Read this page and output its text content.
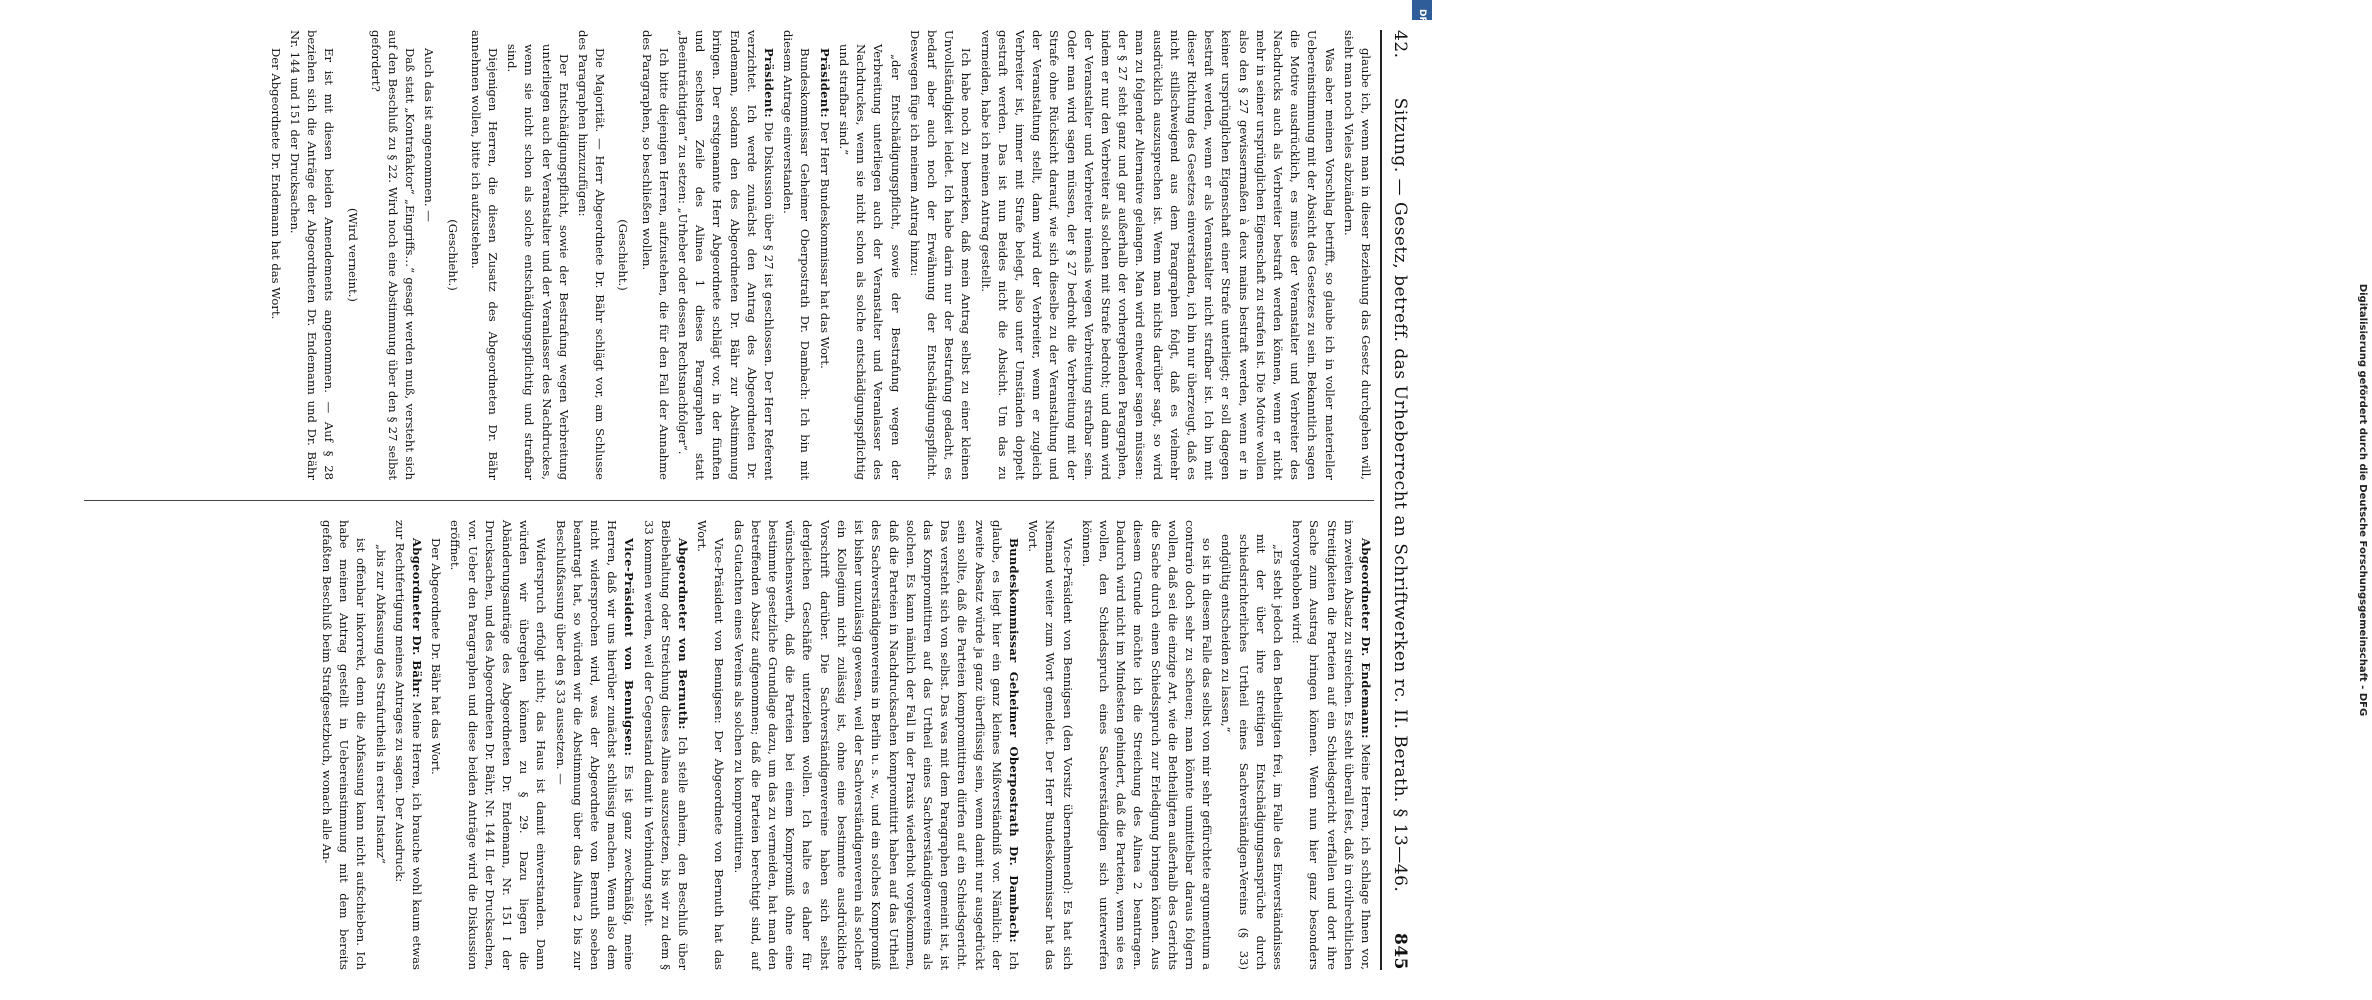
42.
Sitzung. — Gesetz, betreff. das Urheberrecht an Schriftwerken rc. II. Berath. § 13—46.
845

glaube ich, wenn man in dieser Beziehung das Gesetz durchgehen will, sieht man noch Vieles abzuändern.

Was aber meinen Vorschlag betrifft, so glaube ich in voller materieller Uebereinstimmung mit der Absicht des Gesetzes zu sein. Bekanntlich sagen die Motive ausdrücklich, es müsse der Veranstalter und Verbreiter des Nachdrucks auch als Verbreiter bestraft werden können, wenn er nicht mehr in seiner ursprünglichen Eigenschaft zu strafen ist. Die Motive wollen also den § 27 gewissermaßen à deux mains bestraft werden, wenn er in keiner ursprünglichen Eigenschaft einer Strafe unterliegt; er soll dagegen bestraft werden, wenn er als Veranstalter nicht strafbar ist. Ich bin mit dieser Richtung des Gesetzes einverstanden, ich bin nur überzeugt, daß es nicht stillschweigend aus dem Paragraphen folgt, daß es vielmehr ausdrücklich auszusprechen ist. Wenn man nichts darüber sagt, so wird man zu folgender Alternative gelangen. Man wird entweder sagen müssen: der § 27 steht ganz und gar außerhalb der vorhergehenden Paragraphen, indem er nur den Verbreiter als solchen mit Strafe bedroht; und dann wird der Veranstalter und Verbreiter niemals wegen Verbreitung strafbar sein. Oder man wird sagen müssen, der § 27 bedroht die Verbreitung mit der Strafe ohne Rücksicht darauf, wie sich dieselbe zu der Veranstaltung und der Veranstaltung stellt, dann wird der Verbreiter, wenn er zugleich Verbreiter ist, immer mit Strafe belegt, also unter Umständen doppelt gestraft werden. Das ist nun Beides nicht die Absicht. Um das zu vermeiden, habe ich meinen Antrag gestellt.

Ich habe noch zu bemerken, daß mein Antrag selbst zu einer kleinen Unvollständigkeit leidet. Ich habe darin nur der Bestrafung gedacht, es bedarf aber auch noch der Erwähnung der Entschädigungspflicht. Deswegen füge ich meinem Antrag hinzu:

„der Entschädigungspflicht, sowie der Bestrafung wegen der Verbreitung unterliegen auch der Veranstalter und Veranlasser des Nachdruckes, wenn sie nicht schon als solche entschädigungspflichtig und strafbar sind.“

Präsident: Der Herr Bundeskommissar hat das Wort.

Bundeskommissar Geheimer Oberpostrath Dr. Dambach: Ich bin mit diesem Antrage einverstanden.

Präsident: Die Diskussion über § 27 ist geschlossen. Der Herr Referent verzichtet. Ich werde zunächst den Antrag des Abgeordneten Dr. Endemann, sodann den des Abgeordneten Dr. Bähr zur Abstimmung bringen. Der erstgenannte Herr Abgeordnete schlägt vor, in der fünften und sechsten Zeile des Alinea 1 dieses Paragraphen statt „Beeinträchtigten“ zu setzen: „Urheber oder dessen Rechtsnachfolger“.

Ich bitte diejenigen Herren, aufzustehen, die für den Fall der Annahme des Paragraphen, so beschließen wollen.

(Geschieht.)

Die Majorität. — Herr Abgeordnete Dr. Bähr schlägt vor, am Schlusse des Paragraphen hinzuzufügen:

Der Entschädigungspflicht, sowie der Bestrafung wegen Verbreitung unterliegen auch der Veranstalter und der Veranlasser des Nachdruckes, wenn sie nicht schon als solche entschädigungspflichtig und strafbar sind.

Diejenigen Herren, die diesen Zusatz des Abgeordneten Dr. Bähr annehmen wollen, bitte ich aufzustehen.

(Geschieht.)

Auch das ist angenommen. —

Daß statt „Kontrafaktor“ „Eingriffs…“ gesagt werden muß, versteht sich auf den Beschluß zu § 22. Wird noch eine Abstimmung über den § 27 selbst gefordert?

(Wird verneint.)

Er ist mit diesen beiden Amendements angenommen. — Auf § 28 beziehen sich die Anträge der Abgeordneten Dr. Endemann und Dr. Bähr Nr. 144 und 151 der Drucksachen.

Der Abgeordnete Dr. Endemann hat das Wort.

Abgeordneter Dr. Endemann: Meine Herren, ich schlage Ihnen vor, im zweiten Absatz zu streichen. Es steht überall fest, daß in civilrechtlichen Streitigkeiten die Parteien auf ein Schiedsgericht verfallen und dort ihre Sache zum Austrag bringen können. Wenn nun hier ganz besonders hervorgehoben wird:

„Es steht jedoch den Betheiligten frei, im Falle des Einverständnisses mit der über ihre streitigen Entschädigungsansprüche durch schiedsrichterliches Urtheil eines Sachverständigen-Vereins (§ 33) endgültig entscheiden zu lassen,“

so ist in diesem Falle das selbst von mir sehr gefürchtete argumentum a contrario doch sehr zu scheuen; man könnte unmittelbar daraus folgern wollen, daß sei die einzige Art, wie die Betheiligten außerhalb des Gerichts die Sache durch einen Schiedsspruch zur Erledigung bringen können. Aus diesem Grunde möchte ich die Streichung des Alinea 2 beantragen. Dadurch wird nicht im Mindesten gehindert, daß die Parteien, wenn sie es wollen, den Schiedsspruch eines Sachverständigen sich unterwerfen können.

Vice-Präsident von Bennigsen (den Vorsitz übernehmend): Es hat sich Niemand weiter zum Wort gemeldet. Der Herr Bundeskommissar hat das Wort.

Bundeskommissar Geheimer Oberpostrath Dr. Dambach: Ich glaube, es liegt hier ein ganz kleines Mißverständniß vor. Nämlich: der zweite Absatz würde ja ganz überflüssig sein, wenn damit nur ausgedrückt sein sollte, daß die Parteien kompromittiren dürfen auf ein Schiedsgericht. Das versteht sich von selbst. Das was mit dem Paragraphen gemeint ist, ist das Kompromittiren auf das Urtheil eines Sachverständigenvereins als solchen. Es kann nämlich der Fall in der Praxis wiederholt vorgekommen, daß die Parteien in Nachdrucksachen kompromittirt haben auf das Urtheil des Sachverständigenvereins in Berlin u. s. w., und ein solches Kompromiß ist bisher unzulässig gewesen, weil der Sachverständigenverein als solcher ein Kollegium nicht zulässig ist, ohne eine bestimmte ausdrückliche Vorschrift darüber. Die Sachverständigenvereine haben sich selbst dergleichen Geschäfte unterziehen wollen. Ich halte es daher für wünschenswerth, daß die Parteien bei einem Kompromiß ohne eine bestimmte gesetzliche Grundlage dazu, um das zu vermeiden, hat man den betreffenden Absatz aufgenommen; daß die Parteien berechtigt sind, auf das Gutachten eines Vereins als solchen zu kompromittiren.

Vice-Präsident von Bennigsen: Der Abgeordnete von Bernuth hat das Wort.

Abgeordneter von Bernuth: Ich stelle anheim, den Beschluß über Beibehaltung oder Streichung dieses Alinea auszusetzen, bis wir zu dem § 33 kommen werden, weil der Gegenstand damit in Verbindung steht.

Vice-Präsident von Bennigsen: Es ist ganz zweckmäßig, meine Herren, daß wir uns hierüber zunächst schlüssig machen. Wenn also dem nicht widersprochen wird, was der Abgeordnete von Bernuth soeben beantragt hat, so würden wir die Abstimmung über das Alinea 2 bis zur Beschlußfassung über den § 33 aussetzen. —

Widerspruch erfolgt nicht; das Haus ist damit einverstanden. Dann würden wir übergehen können zu § 29. Dazu liegen die Abänderungsanträge des Abgeordneten Dr. Endemann, Nr. 151 I der Drucksachen, und des Abgeordneten Dr. Bähr, Nr. 144 II. der Drucksachen, vor. Ueber den Paragraphen und diese beiden Anträge wird die Diskussion eröffnet.

Der Abgeordnete Dr. Bähr hat das Wort.

Abgeordneter Dr. Bähr: Meine Herren, ich brauche wohl kaum etwas zur Rechtfertigung meines Antrages zu sagen. Der Ausdruck:

„bis zur Abfassung des Strafurtheils in erster Instanz“

ist offenbar inkorrekt, denn die Abfassung kann nicht aufschieben. Ich habe meinen Antrag gestellt in Uebereinstimmung mit dem bereits gefaßten Beschluß beim Strafgesetzbuch, wonach alle An-	Digitalisierung gefördert durch die Deutsche Forschungsgemeinschaft - DFG
